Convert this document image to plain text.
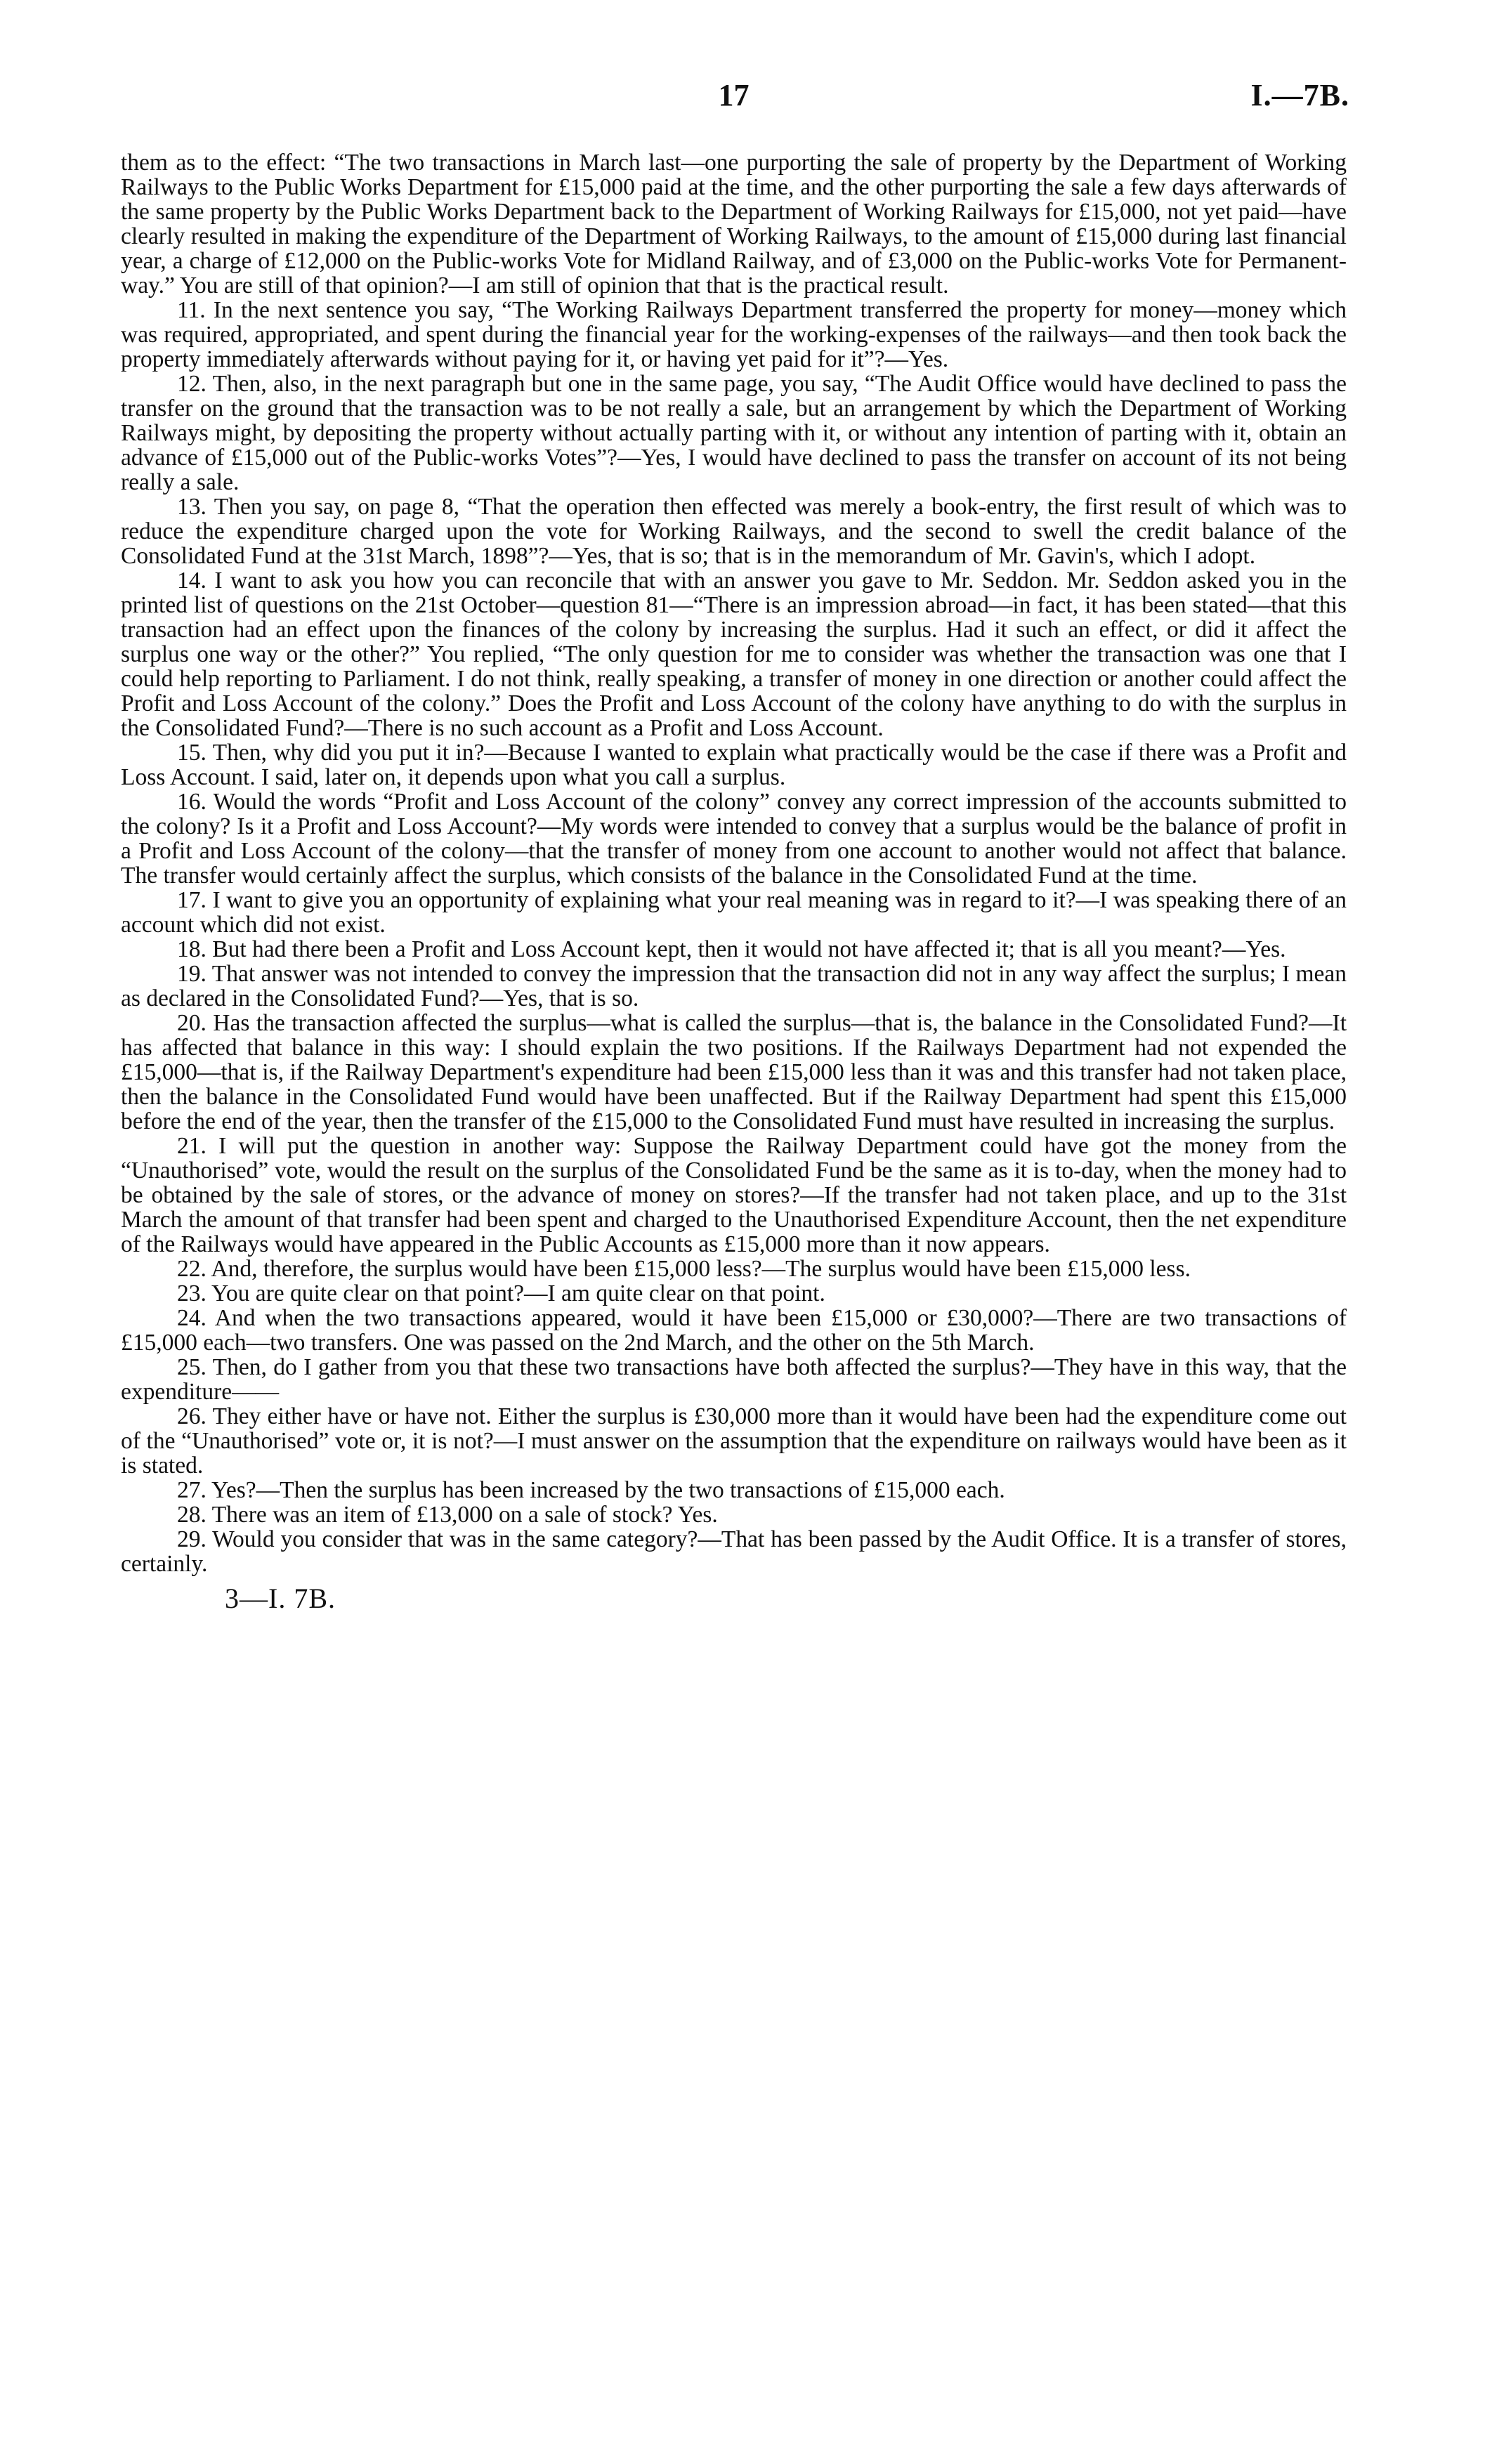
17	I.—7B.

them as to the effect: “The two transactions in March last—one purporting the sale of property by the Department of Working Railways to the Public Works Department for £15,000 paid at the time, and the other purporting the sale a few days afterwards of the same property by the Public Works Department back to the Department of Working Railways for £15,000, not yet paid—have clearly resulted in making the expenditure of the Department of Working Railways, to the amount of £15,000 during last financial year, a charge of £12,000 on the Public-works Vote for Midland Railway, and of £3,000 on the Public-works Vote for Permanent-way.” You are still of that opinion?—I am still of opinion that that is the practical result.

11. In the next sentence you say, “The Working Railways Department transferred the property for money—money which was required, appropriated, and spent during the financial year for the working-expenses of the railways—and then took back the property immediately afterwards without paying for it, or having yet paid for it”?—Yes.

12. Then, also, in the next paragraph but one in the same page, you say, “The Audit Office would have declined to pass the transfer on the ground that the transaction was to be not really a sale, but an arrangement by which the Department of Working Railways might, by depositing the property without actually parting with it, or without any intention of parting with it, obtain an advance of £15,000 out of the Public-works Votes”?—Yes, I would have declined to pass the transfer on account of its not being really a sale.

13. Then you say, on page 8, “That the operation then effected was merely a book-entry, the first result of which was to reduce the expenditure charged upon the vote for Working Railways, and the second to swell the credit balance of the Consolidated Fund at the 31st March, 1898”?—Yes, that is so; that is in the memorandum of Mr. Gavin's, which I adopt.

14. I want to ask you how you can reconcile that with an answer you gave to Mr. Seddon. Mr. Seddon asked you in the printed list of questions on the 21st October—question 81—“There is an impression abroad—in fact, it has been stated—that this transaction had an effect upon the finances of the colony by increasing the surplus. Had it such an effect, or did it affect the surplus one way or the other?” You replied, “The only question for me to consider was whether the transaction was one that I could help reporting to Parliament. I do not think, really speaking, a transfer of money in one direction or another could affect the Profit and Loss Account of the colony.” Does the Profit and Loss Account of the colony have anything to do with the surplus in the Consolidated Fund?—There is no such account as a Profit and Loss Account.

15. Then, why did you put it in?—Because I wanted to explain what practically would be the case if there was a Profit and Loss Account. I said, later on, it depends upon what you call a surplus.

16. Would the words “Profit and Loss Account of the colony” convey any correct impression of the accounts submitted to the colony? Is it a Profit and Loss Account?—My words were intended to convey that a surplus would be the balance of profit in a Profit and Loss Account of the colony—that the transfer of money from one account to another would not affect that balance. The transfer would certainly affect the surplus, which consists of the balance in the Consolidated Fund at the time.

17. I want to give you an opportunity of explaining what your real meaning was in regard to it?—I was speaking there of an account which did not exist.

18. But had there been a Profit and Loss Account kept, then it would not have affected it; that is all you meant?—Yes.

19. That answer was not intended to convey the impression that the transaction did not in any way affect the surplus; I mean as declared in the Consolidated Fund?—Yes, that is so.

20. Has the transaction affected the surplus—what is called the surplus—that is, the balance in the Consolidated Fund?—It has affected that balance in this way: I should explain the two positions. If the Railways Department had not expended the £15,000—that is, if the Railway Department's expenditure had been £15,000 less than it was and this transfer had not taken place, then the balance in the Consolidated Fund would have been unaffected. But if the Railway Department had spent this £15,000 before the end of the year, then the transfer of the £15,000 to the Consolidated Fund must have resulted in increasing the surplus.

21. I will put the question in another way: Suppose the Railway Department could have got the money from the “Unauthorised” vote, would the result on the surplus of the Consolidated Fund be the same as it is to-day, when the money had to be obtained by the sale of stores, or the advance of money on stores?—If the transfer had not taken place, and up to the 31st March the amount of that transfer had been spent and charged to the Unauthorised Expenditure Account, then the net expenditure of the Railways would have appeared in the Public Accounts as £15,000 more than it now appears.

22. And, therefore, the surplus would have been £15,000 less?—The surplus would have been £15,000 less.

23. You are quite clear on that point?—I am quite clear on that point.

24. And when the two transactions appeared, would it have been £15,000 or £30,000?—There are two transactions of £15,000 each—two transfers. One was passed on the 2nd March, and the other on the 5th March.

25. Then, do I gather from you that these two transactions have both affected the surplus?—They have in this way, that the expenditure——

26. They either have or have not. Either the surplus is £30,000 more than it would have been had the expenditure come out of the “Unauthorised” vote or, it is not?—I must answer on the assumption that the expenditure on railways would have been as it is stated.

27. Yes?—Then the surplus has been increased by the two transactions of £15,000 each.

28. There was an item of £13,000 on a sale of stock? Yes.

29. Would you consider that was in the same category?—That has been passed by the Audit Office. It is a transfer of stores, certainly.

3—I. 7B.
